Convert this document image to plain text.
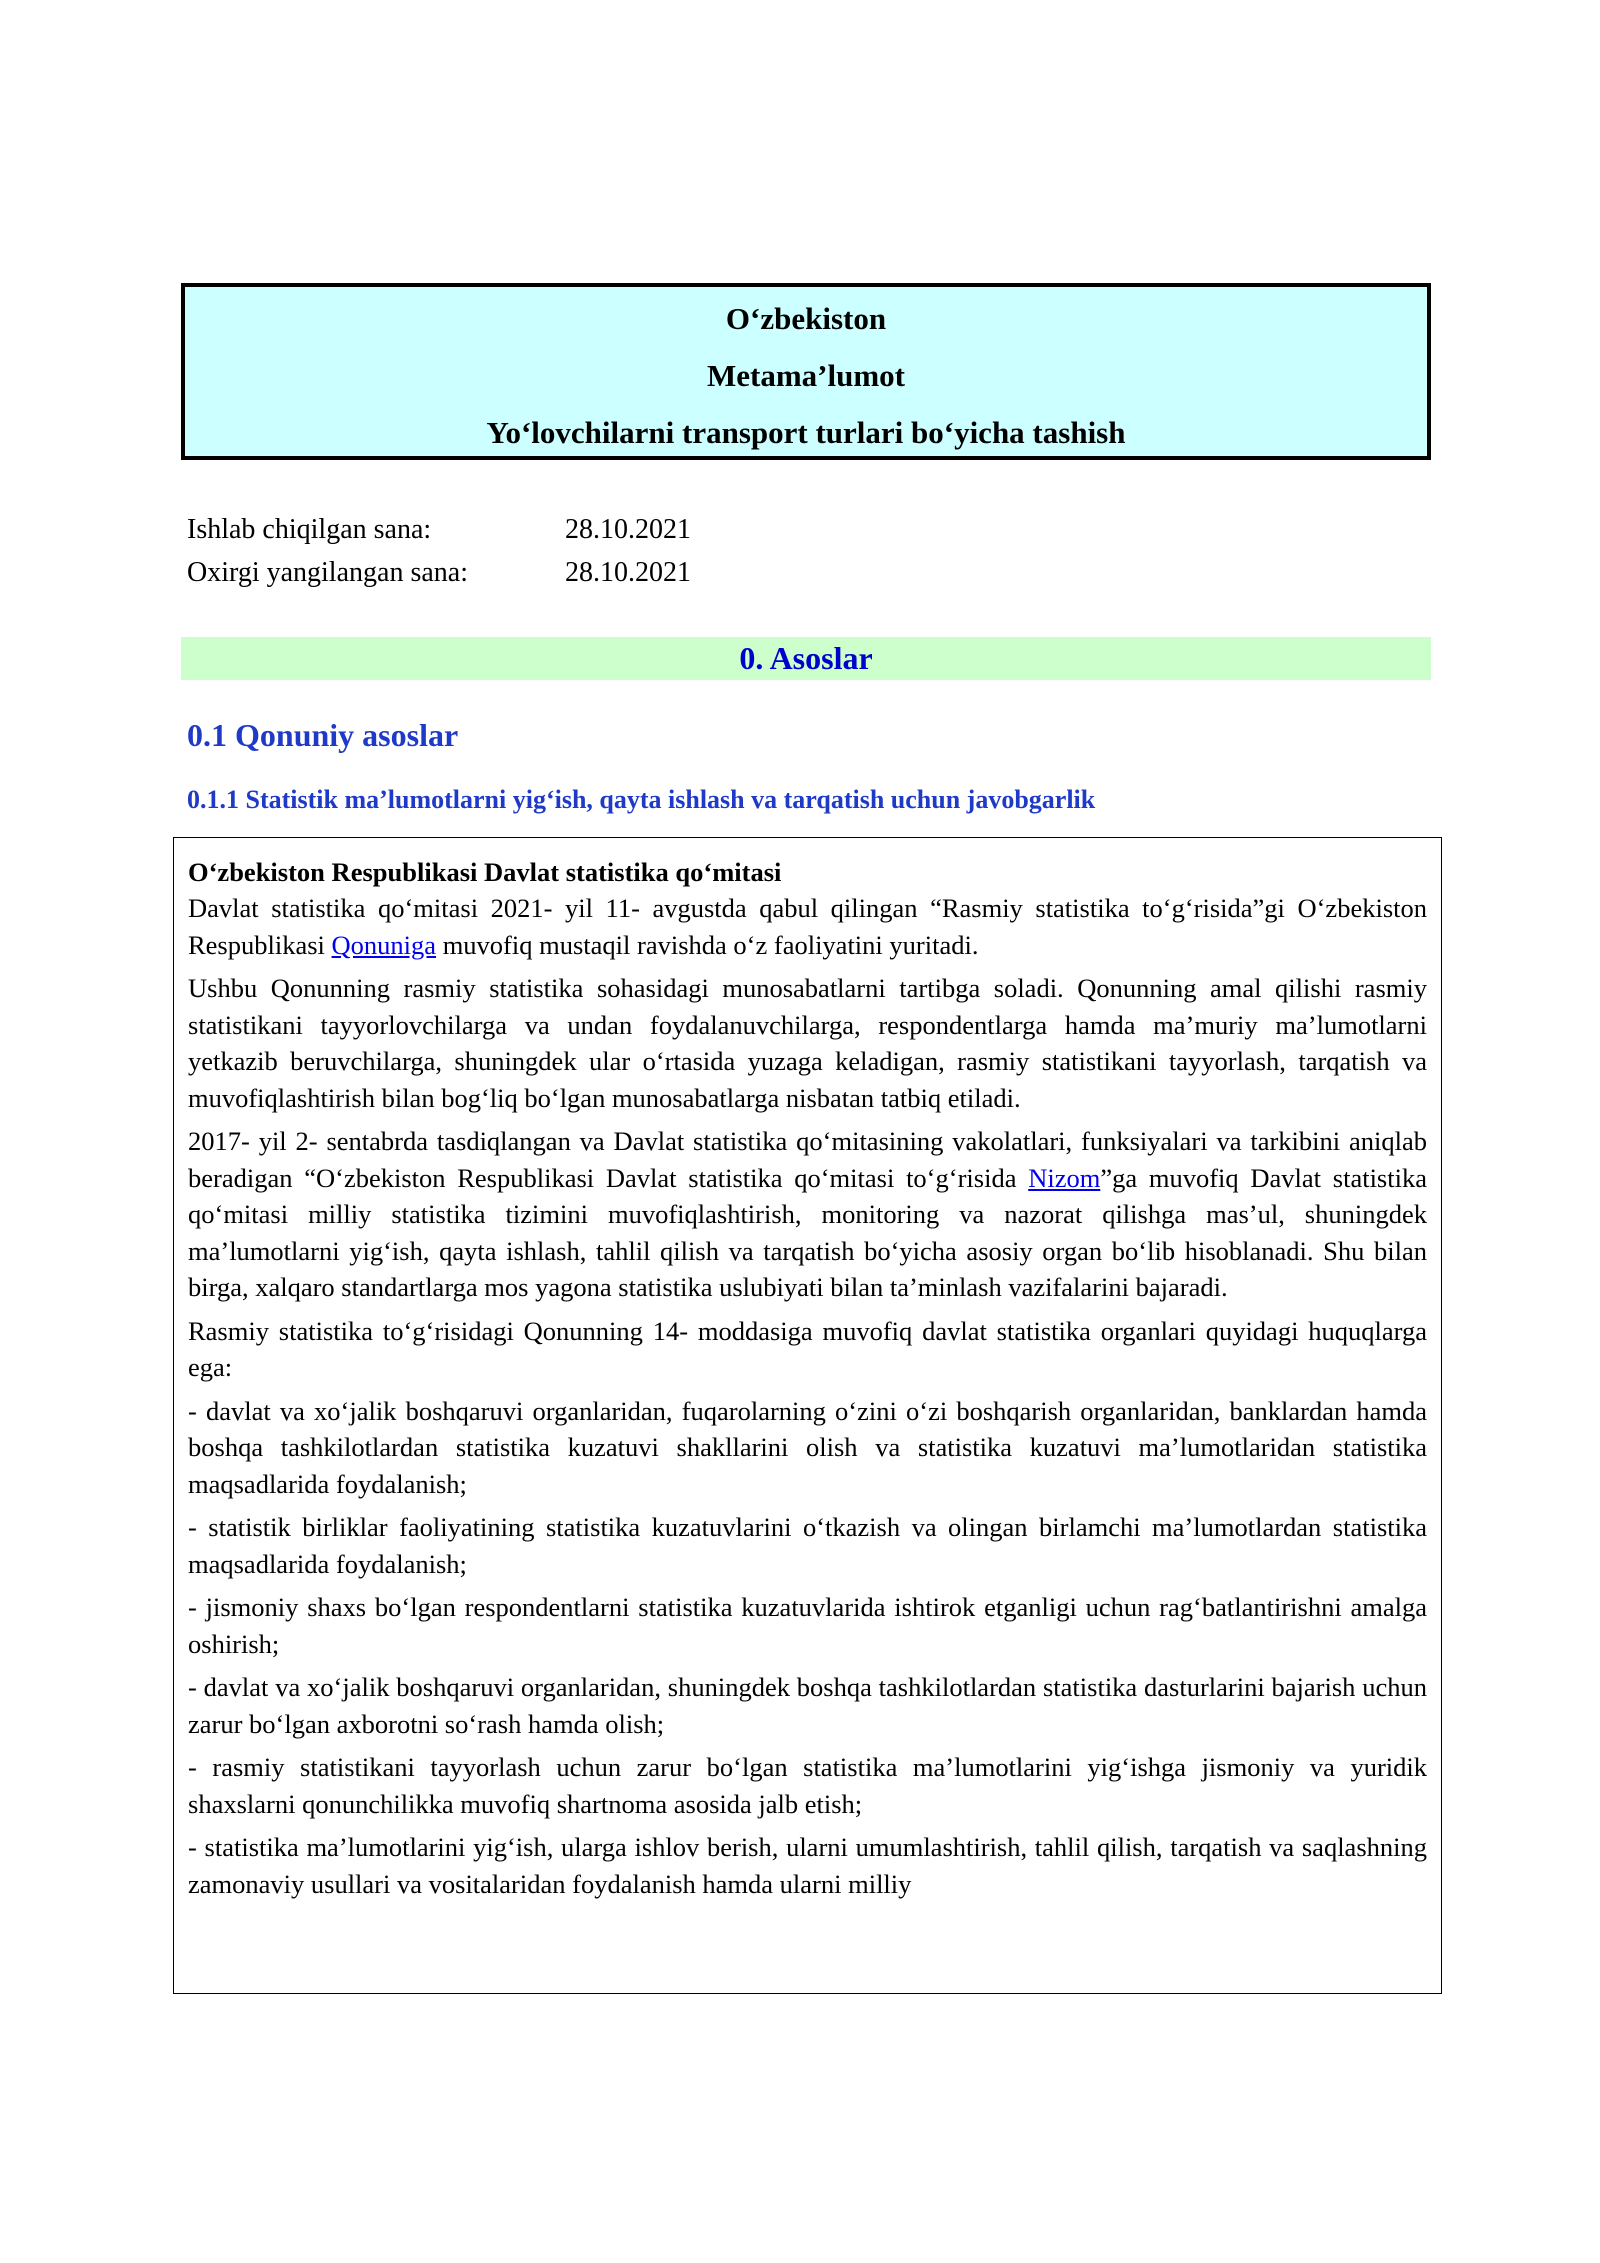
O‘zbekiston
Metama’lumot
Yo‘lovchilarni transport turlari bo‘yicha tashish
Ishlab chiqilgan sana:	28.10.2021
Oxirgi yangilangan sana:	28.10.2021
0. Asoslar
0.1 Qonuniy asoslar
0.1.1 Statistik ma’lumotlarni yig‘ish, qayta ishlash va tarqatish uchun javobgarlik
O‘zbekiston Respublikasi Davlat statistika qo‘mitasi

Davlat statistika qo‘mitasi 2021- yil 11- avgustda qabul qilingan “Rasmiy statistika to‘g‘risida”gi O‘zbekiston Respublikasi Qonuniga muvofiq mustaqil ravishda o‘z faoliyatini yuritadi.

Ushbu Qonunning rasmiy statistika sohasidagi munosabatlarni tartibga soladi. Qonunning amal qilishi rasmiy statistikani tayyorlovchilarga va undan foydalanuvchilarga, respondentlarga hamda ma’muriy ma’lumotlarni yetkazib beruvchilarga, shuningdek ular o‘rtasida yuzaga keladigan, rasmiy statistikani tayyorlash, tarqatish va muvofiqlashtirish bilan bog‘liq bo‘lgan munosabatlarga nisbatan tatbiq etiladi.

2017- yil 2- sentabrda tasdiqlangan va Davlat statistika qo‘mitasining vakolatlari, funksiyalari va tarkibini aniqlab beradigan “O‘zbekiston Respublikasi Davlat statistika qo‘mitasi to‘g‘risida Nizom”ga muvofiq Davlat statistika qo‘mitasi milliy statistika tizimini muvofiqlashtirish, monitoring va nazorat qilishga mas’ul, shuningdek ma’lumotlarni yig‘ish, qayta ishlash, tahlil qilish va tarqatish bo‘yicha asosiy organ bo‘lib hisoblanadi. Shu bilan birga, xalqaro standartlarga mos yagona statistika uslubiyati bilan ta’minlash vazifalarini bajaradi.

Rasmiy statistika to‘g‘risidagi Qonunning 14- moddasiga muvofiq davlat statistika organlari quyidagi huquqlarga ega:

- davlat va xo‘jalik boshqaruvi organlaridan, fuqarolarning o‘zini o‘zi boshqarish organlaridan, banklardan hamda boshqa tashkilotlardan statistika kuzatuvi shakllarini olish va statistika kuzatuvi ma’lumotlaridan statistika maqsadlarida foydalanish;

- statistik birliklar faoliyatining statistika kuzatuvlarini o‘tkazish va olingan birlamchi ma’lumotlardan statistika maqsadlarida foydalanish;

- jismoniy shaxs bo‘lgan respondentlarni statistika kuzatuvlarida ishtirok etganligi uchun rag‘batlantirishni amalga oshirish;

- davlat va xo‘jalik boshqaruvi organlaridan, shuningdek boshqa tashkilotlardan statistika dasturlarini bajarish uchun zarur bo‘lgan axborotni so‘rash hamda olish;

- rasmiy statistikani tayyorlash uchun zarur bo‘lgan statistika ma’lumotlarini yig‘ishga jismoniy va yuridik shaxslarni qonunchilikka muvofiq shartnoma asosida jalb etish;

- statistika ma’lumotlarini yig‘ish, ularga ishlov berish, ularni umumlashtirish, tahlil qilish, tarqatish va saqlashning zamonaviy usullari va vositalaridan foydalanish hamda ularni milliy
